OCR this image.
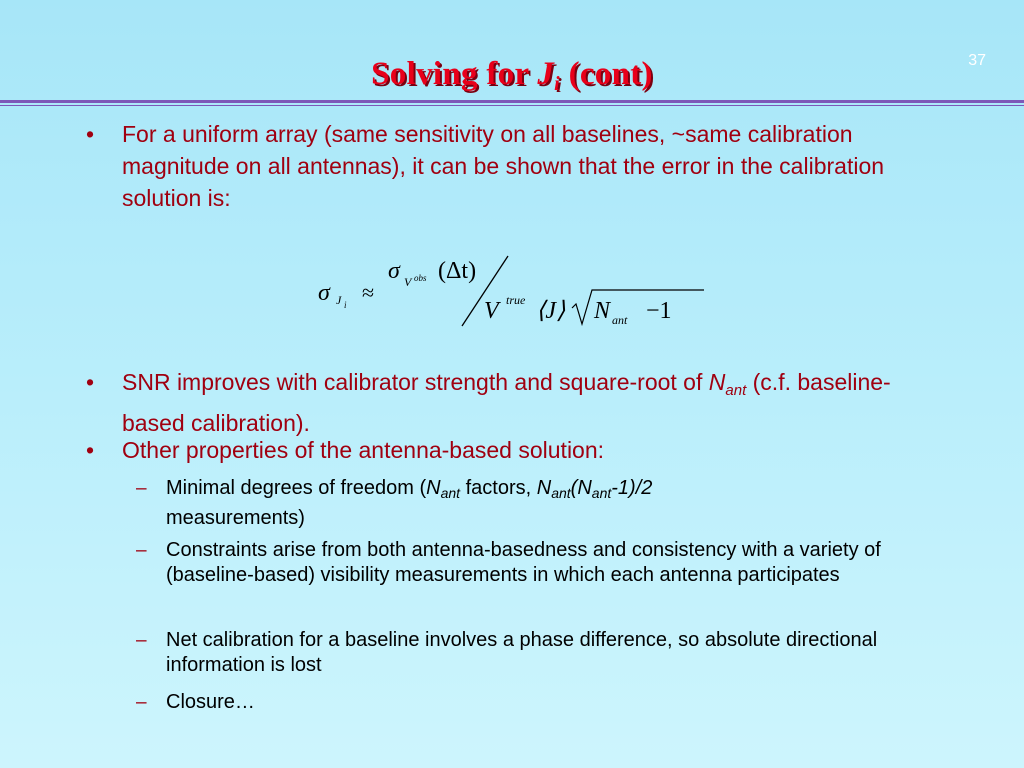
Solving for $J_i$ (cont)	37
• For a uniform array (same sensitivity on all baselines, ~same calibration magnitude on all antennas), it can be shown that the error in the calibration solution is:
σ J i ≈
σ V obs (Δt)
V true ⟨J⟩ N ant −1
• SNR improves with calibrator strength and square-root of $N_{ant}$ (c.f. baseline-based calibration).
• Other properties of the antenna-based solution:
– Minimal degrees of freedom ($N_{ant}$ factors, $N_{ant}(N_{ant}-1)/2$
measurements)
– Constraints arise from both antenna-basedness and consistency with a variety of (baseline-based) visibility measurements in which each antenna participates
– Net calibration for a baseline involves a phase difference, so absolute directional information is lost
– Closure…
